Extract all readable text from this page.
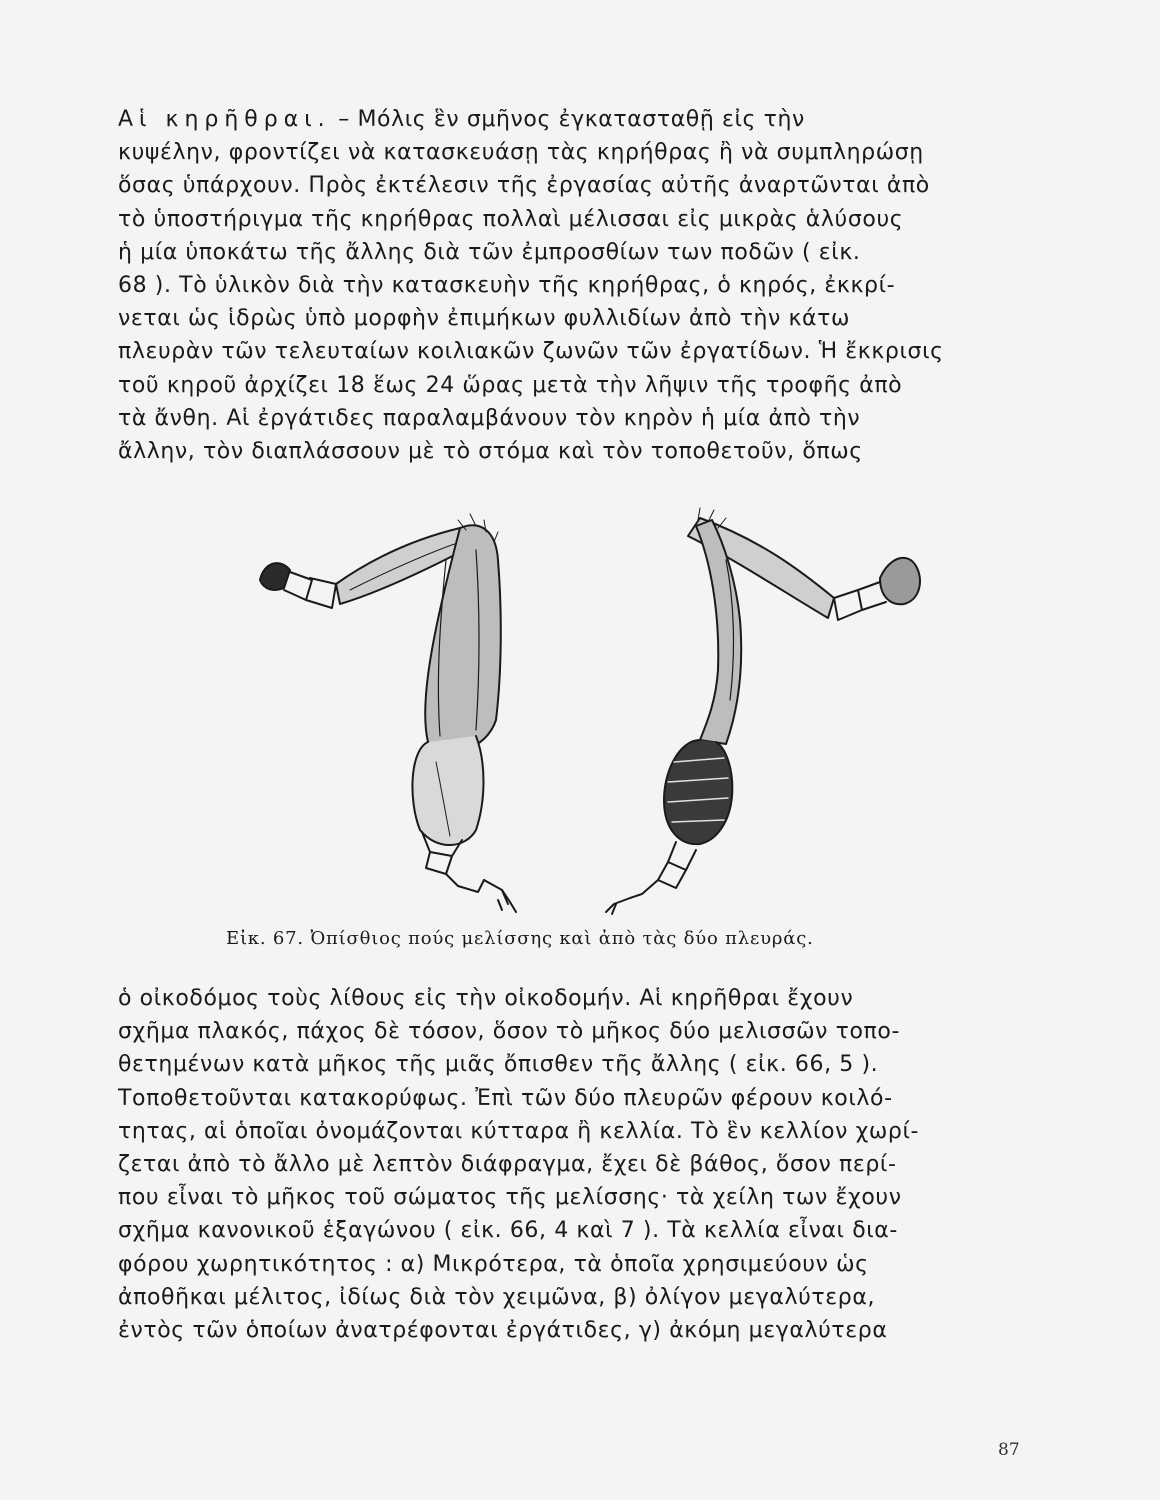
Αἱ κηρῆθραι. – Μόλις ἓν σμῆνος ἐγκατασταθῇ εἰς τὴν
κυψέλην, φροντίζει νὰ κατασκευάσῃ τὰς κηρήθρας ἢ νὰ συμπληρώσῃ
ὅσας ὑπάρχουν. Πρὸς ἐκτέλεσιν τῆς ἐργασίας αὐτῆς ἀναρτῶνται ἀπὸ
τὸ ὑποστήριγμα τῆς κηρήθρας πολλαὶ μέλισσαι εἰς μικρὰς ἁλύσους
ἡ μία ὑποκάτω τῆς ἄλλης διὰ τῶν ἐμπροσθίων των ποδῶν ( εἰκ.
68 ). Τὸ ὑλικὸν διὰ τὴν κατασκευὴν τῆς κηρήθρας, ὁ κηρός, ἐκκρί-
νεται ὡς ἱδρὼς ὑπὸ μορφὴν ἐπιμήκων φυλλιδίων ἀπὸ τὴν κάτω
πλευρὰν τῶν τελευταίων κοιλιακῶν ζωνῶν τῶν ἐργατίδων. Ἡ ἔκκρισις
τοῦ κηροῦ ἀρχίζει 18 ἕως 24 ὥρας μετὰ τὴν λῆψιν τῆς τροφῆς ἀπὸ
τὰ ἄνθη. Αἱ ἐργάτιδες παραλαμβάνουν τὸν κηρὸν ἡ μία ἀπὸ τὴν
ἄλλην, τὸν διαπλάσσουν μὲ τὸ στόμα καὶ τὸν τοποθετοῦν, ὅπως
Εἰκ. 67. Ὀπίσθιος πούς μελίσσης καὶ ἀπὸ τὰς δύο πλευράς.
ὁ οἰκοδόμος τοὺς λίθους εἰς τὴν οἰκοδομήν. Αἱ κηρῆθραι ἔχουν
σχῆμα πλακός, πάχος δὲ τόσον, ὅσον τὸ μῆκος δύο μελισσῶν τοπο-
θετημένων κατὰ μῆκος τῆς μιᾶς ὄπισθεν τῆς ἄλλης ( εἰκ. 66, 5 ).
Τοποθετοῦνται κατακορύφως. Ἐπὶ τῶν δύο πλευρῶν φέρουν κοιλό-
τητας, αἱ ὁποῖαι ὀνομάζονται κύτταρα ἢ κελλία. Τὸ ἓν κελλίον χωρί-
ζεται ἀπὸ τὸ ἄλλο μὲ λεπτὸν διάφραγμα, ἔχει δὲ βάθος, ὅσον περί-
που εἶναι τὸ μῆκος τοῦ σώματος τῆς μελίσσης· τὰ χείλη των ἔχουν
σχῆμα κανονικοῦ ἑξαγώνου ( εἰκ. 66, 4 καὶ 7 ). Τὰ κελλία εἶναι δια-
φόρου χωρητικότητος : α) Μικρότερα, τὰ ὁποῖα χρησιμεύουν ὡς
ἀποθῆκαι μέλιτος, ἰδίως διὰ τὸν χειμῶνα, β) ὀλίγον μεγαλύτερα,
ἐντὸς τῶν ὁποίων ἀνατρέφονται ἐργάτιδες, γ) ἀκόμη μεγαλύτερα
87
